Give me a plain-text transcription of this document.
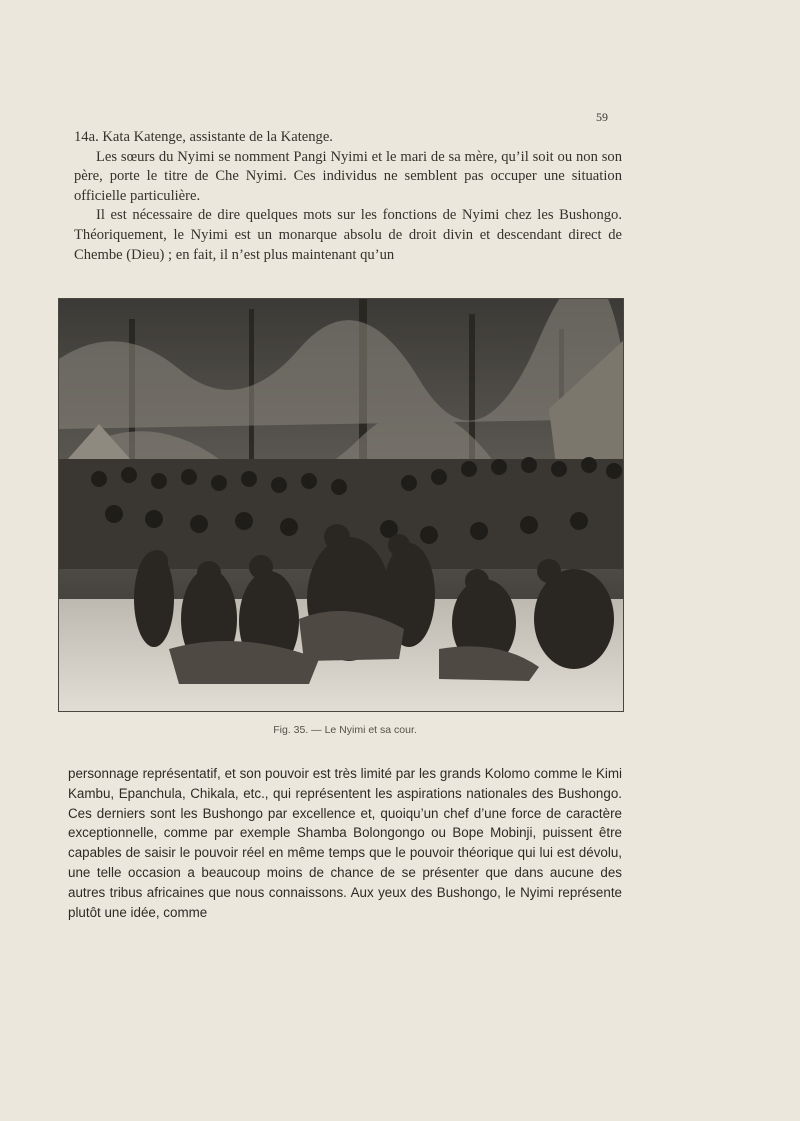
59

14a. Kata Katenge, assistante de la Katenge.

Les sœurs du Nyimi se nomment Pangi Nyimi et le mari de sa mère, qu’il soit ou non son père, porte le titre de Che Nyimi. Ces individus ne semblent pas occuper une situation officielle particulière.

Il est nécessaire de dire quelques mots sur les fonctions de Nyimi chez les Bushongo. Théoriquement, le Nyimi est un monarque absolu de droit divin et descendant direct de Chembe (Dieu) ; en fait, il n’est plus maintenant qu’un

Fig. 35. — Le Nyimi et sa cour.

personnage représentatif, et son pouvoir est très limité par les grands Kolomo comme le Kimi Kambu, Epanchula, Chikala, etc., qui représentent les aspirations nationales des Bushongo. Ces derniers sont les Bushongo par excellence et, quoiqu’un chef d’une force de caractère exceptionnelle, comme par exemple Shamba Bolongongo ou Bope Mobinji, puissent être capables de saisir le pouvoir réel en même temps que le pouvoir théorique qui lui est dévolu, une telle occasion a beaucoup moins de chance de se présenter que dans aucune des autres tribus africaines que nous connaissons. Aux yeux des Bushongo, le Nyimi représente plutôt une idée, comme
